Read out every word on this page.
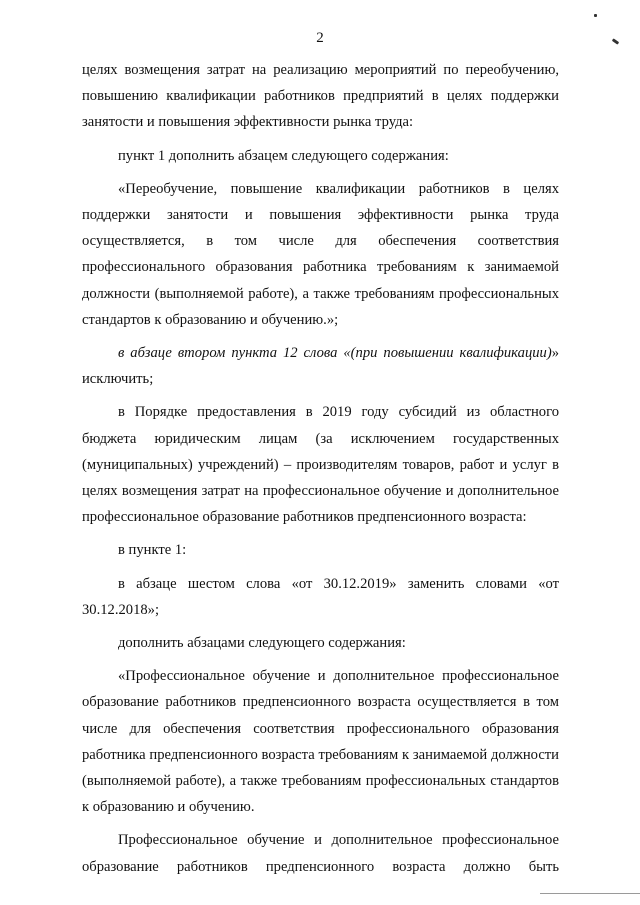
2

целях возмещения затрат на реализацию мероприятий по переобучению, повышению квалификации работников предприятий в целях поддержки занятости и повышения эффективности рынка труда:

пункт 1 дополнить абзацем следующего содержания:

«Переобучение, повышение квалификации работников в целях поддержки занятости и повышения эффективности рынка труда осуществляется, в том числе для обеспечения соответствия профессионального образования работника требованиям к занимаемой должности (выполняемой работе), а также требованиям профессиональных стандартов к образованию и обучению.»;

в абзаце втором пункта 12 слова «(при повышении квалификации)» исключить;

в Порядке предоставления в 2019 году субсидий из областного бюджета юридическим лицам (за исключением государственных (муниципальных) учреждений) – производителям товаров, работ и услуг в целях возмещения затрат на профессиональное обучение и дополнительное профессиональное образование работников предпенсионного возраста:

в пункте 1:

в абзаце шестом слова «от 30.12.2019» заменить словами «от 30.12.2018»;

дополнить абзацами следующего содержания:

«Профессиональное обучение и дополнительное профессиональное образование работников предпенсионного возраста осуществляется в том числе для обеспечения соответствия профессионального образования работника предпенсионного возраста требованиям к занимаемой должности (выполняемой работе), а также требованиям профессиональных стандартов к образованию и обучению.

Профессиональное обучение и дополнительное профессиональное образование работников предпенсионного возраста должно быть
